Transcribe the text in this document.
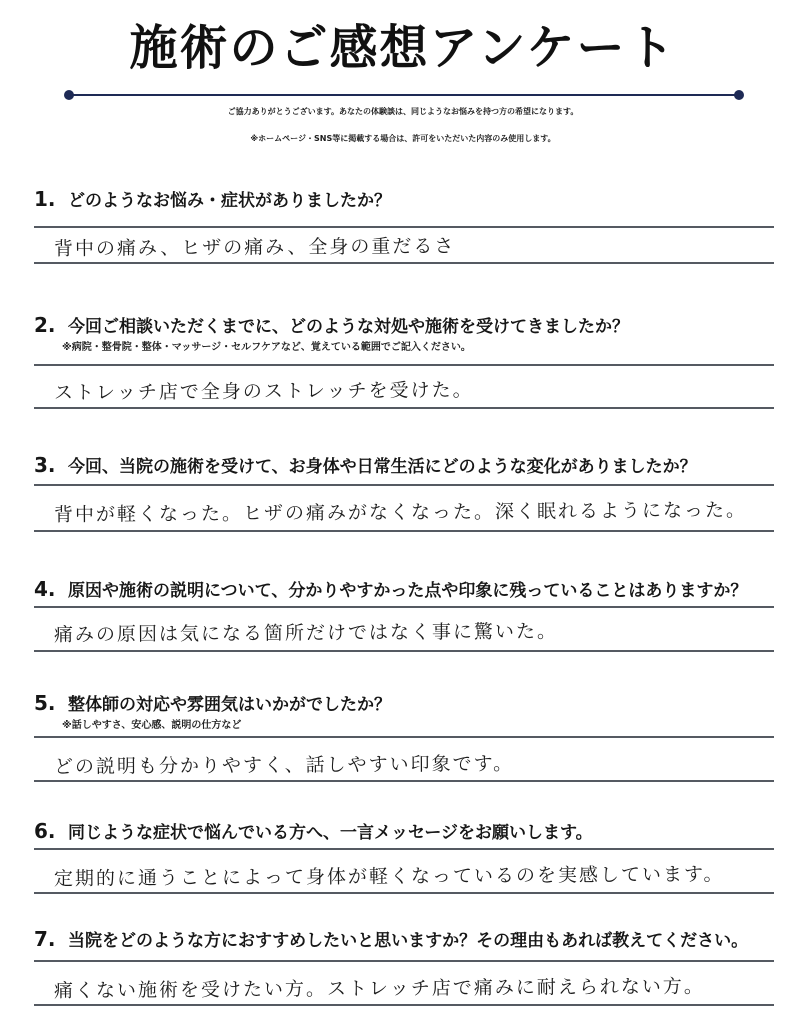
施術のご感想アンケート
ご協力ありがとうございます。あなたの体験談は、同じようなお悩みを持つ方の希望になります。
※ホームページ・SNS等に掲載する場合は、許可をいただいた内容のみ使用します。
1. どのようなお悩み・症状がありましたか？
背中の痛み、ヒザの痛み、全身の重だるさ
2. 今回ご相談いただくまでに、どのような対処や施術を受けてきましたか？
※病院・整骨院・整体・マッサージ・セルフケアなど、覚えている範囲でご記入ください。
ストレッチ店で全身のストレッチを受けた。
3. 今回、当院の施術を受けて、お身体や日常生活にどのような変化がありましたか？
背中が軽くなった。ヒザの痛みがなくなった。深く眠れるようになった。
4. 原因や施術の説明について、分かりやすかった点や印象に残っていることはありますか？
痛みの原因は気になる箇所だけではなく事に驚いた。
5. 整体師の対応や雰囲気はいかがでしたか？
※話しやすさ、安心感、説明の仕方など
どの説明も分かりやすく、話しやすい印象です。
6. 同じような症状で悩んでいる方へ、一言メッセージをお願いします。
定期的に通うことによって身体が軽くなっているのを実感しています。
7. 当院をどのような方におすすめしたいと思いますか？その理由もあれば教えてください。
痛くない施術を受けたい方。ストレッチ店で痛みに耐えられない方。
